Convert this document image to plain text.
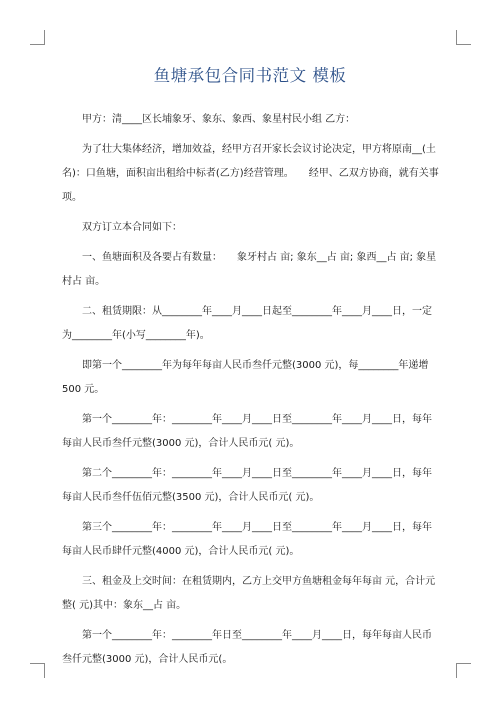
鱼塘承包合同书范文 模板

甲方：清____区长埔象牙、象东、象西、象星村民小组 乙方：

为了壮大集体经济，增加效益，经甲方召开家长会议讨论决定，甲方将原南__(土名)：口鱼塘，面积亩出租给中标者(乙方)经营管理。　　经甲、乙双方协商，就有关事项。

双方订立本合同如下：

一、鱼塘面积及各要占有数量：　　象牙村占 亩; 象东__占 亩; 象西__占 亩; 象星村占 亩。

二、租赁期限：从________年____月____日起至________年____月____日，一定为________年(小写________年)。

即第一个________年为每年每亩人民币叁仟元整(3000 元)，每________年递增 500 元。

第一个________年：________年____月____日至________年____月____日，每年每亩人民币叁仟元整(3000 元)，合计人民币元( 元)。

第二个________年：________年____月____日至________年____月____日，每年每亩人民币叁仟伍佰元整(3500 元)，合计人民币元( 元)。

第三个________年：________年____月____日至________年____月____日，每年每亩人民币肆仟元整(4000 元)，合计人民币元( 元)。

三、租金及上交时间：在租赁期内，乙方上交甲方鱼塘租金每年每亩 元，合计元整( 元)其中：象东__占 亩。

第一个________年：________年日至________年____月____日，每年每亩人民币叁仟元整(3000 元)，合计人民币元(。
